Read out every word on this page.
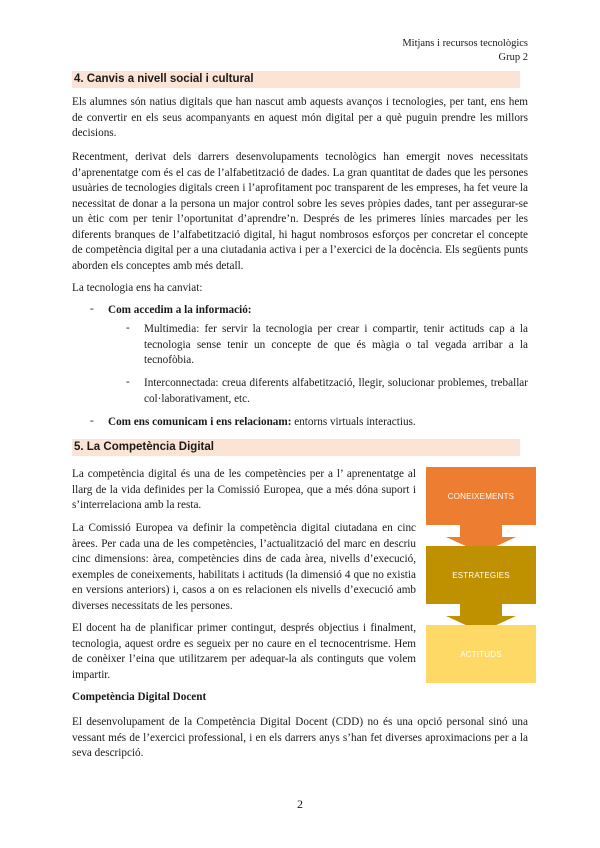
Mitjans i recursos tecnològics
Grup 2
4. Canvis a nivell social i cultural

Els alumnes són natius digitals que han nascut amb aquests avanços i tecnologies, per tant, ens hem de convertir en els seus acompanyants en aquest món digital per a què puguin prendre les millors decisions.

Recentment, derivat dels darrers desenvolupaments tecnològics han emergit noves necessitats d’aprenentatge com és el cas de l’alfabetització de dades. La gran quantitat de dades que les persones usuàries de tecnologies digitals creen i l’aprofitament poc transparent de les empreses, ha fet veure la necessitat de donar a la persona un major control sobre les seves pròpies dades, tant per assegurar-se un ètic com per tenir l’oportunitat d’aprendre’n. Després de les primeres línies marcades per les diferents branques de l’alfabetització digital, hi hagut nombrosos esforços per concretar el concepte de competència digital per a una ciutadania activa i per a l’exercici de la docència. Els següents punts aborden els conceptes amb més detall.

La tecnologia ens ha canviat:

- Com accedim a la informació:
- Multimedia: fer servir la tecnologia per crear i compartir, tenir actituds cap a la tecnologia sense tenir un concepte de que és màgia o tal vegada arribar a la tecnofòbia.

- Interconnectada: creua diferents alfabetització, llegir, solucionar problemes, treballar col·laborativament, etc.

- Com ens comunicam i ens relacionam: entorns virtuals interactius.
5. La Competència Digital

La competència digital és una de les competències per a l’ aprenentatge al llarg de la vida definides per la Comissió Europea, que a més dóna suport i s’interrelaciona amb la resta.

La Comissió Europea va definir la competència digital ciutadana en cinc àrees. Per cada una de les competències, l’actualització del marc en descriu cinc dimensions: àrea, competències dins de cada àrea, nivells d’execució, exemples de coneixements, habilitats i actituds (la dimensió 4 que no existia en versions anteriors) i, casos a on es relacionen els nivells d’execució amb diverses necessitats de les persones.

El docent ha de planificar primer contingut, després objectius i finalment, tecnologia, aquest ordre es segueix per no caure en el tecnocentrisme. Hem de conèixer l’eina que utilitzarem per adequar-la als continguts que volem impartir.

Competència Digital Docent

El desenvolupament de la Competència Digital Docent (CDD) no és una opció personal sinó una vessant més de l’exercici professional, i en els darrers anys s’han fet diverses aproximacions per a la seva descripció.

CONEIXEMENTS
ESTRATEGIES
ACTITUDS
2
